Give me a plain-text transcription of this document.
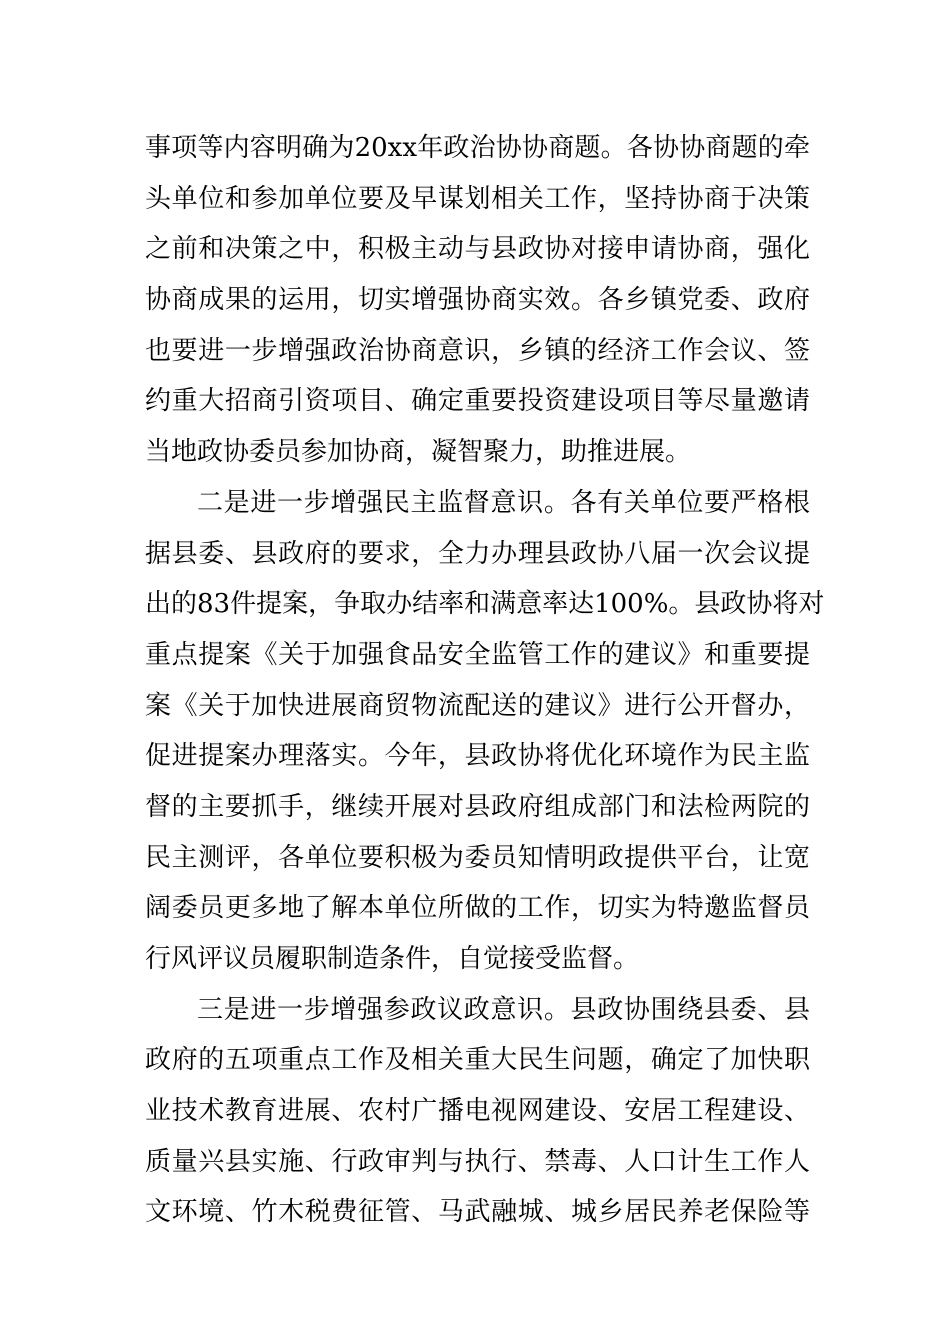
事项等内容明确为20xx年政治协协商题。各协协商题的牵
头单位和参加单位要及早谋划相关工作，坚持协商于决策
之前和决策之中，积极主动与县政协对接申请协商，强化
协商成果的运用，切实增强协商实效。各乡镇党委、政府
也要进一步增强政治协商意识，乡镇的经济工作会议、签
约重大招商引资项目、确定重要投资建设项目等尽量邀请
当地政协委员参加协商，凝智聚力，助推进展。
二是进一步增强民主监督意识。各有关单位要严格根
据县委、县政府的要求，全力办理县政协八届一次会议提
出的83件提案，争取办结率和满意率达100%。县政协将对
重点提案《关于加强食品安全监管工作的建议》和重要提
案《关于加快进展商贸物流配送的建议》进行公开督办，
促进提案办理落实。今年，县政协将优化环境作为民主监
督的主要抓手，继续开展对县政府组成部门和法检两院的
民主测评，各单位要积极为委员知情明政提供平台，让宽
阔委员更多地了解本单位所做的工作，切实为特邀监督员
行风评议员履职制造条件，自觉接受监督。
三是进一步增强参政议政意识。县政协围绕县委、县
政府的五项重点工作及相关重大民生问题，确定了加快职
业技术教育进展、农村广播电视网建设、安居工程建设、
质量兴县实施、行政审判与执行、禁毒、人口计生工作人
文环境、竹木税费征管、马武融城、城乡居民养老保险等
